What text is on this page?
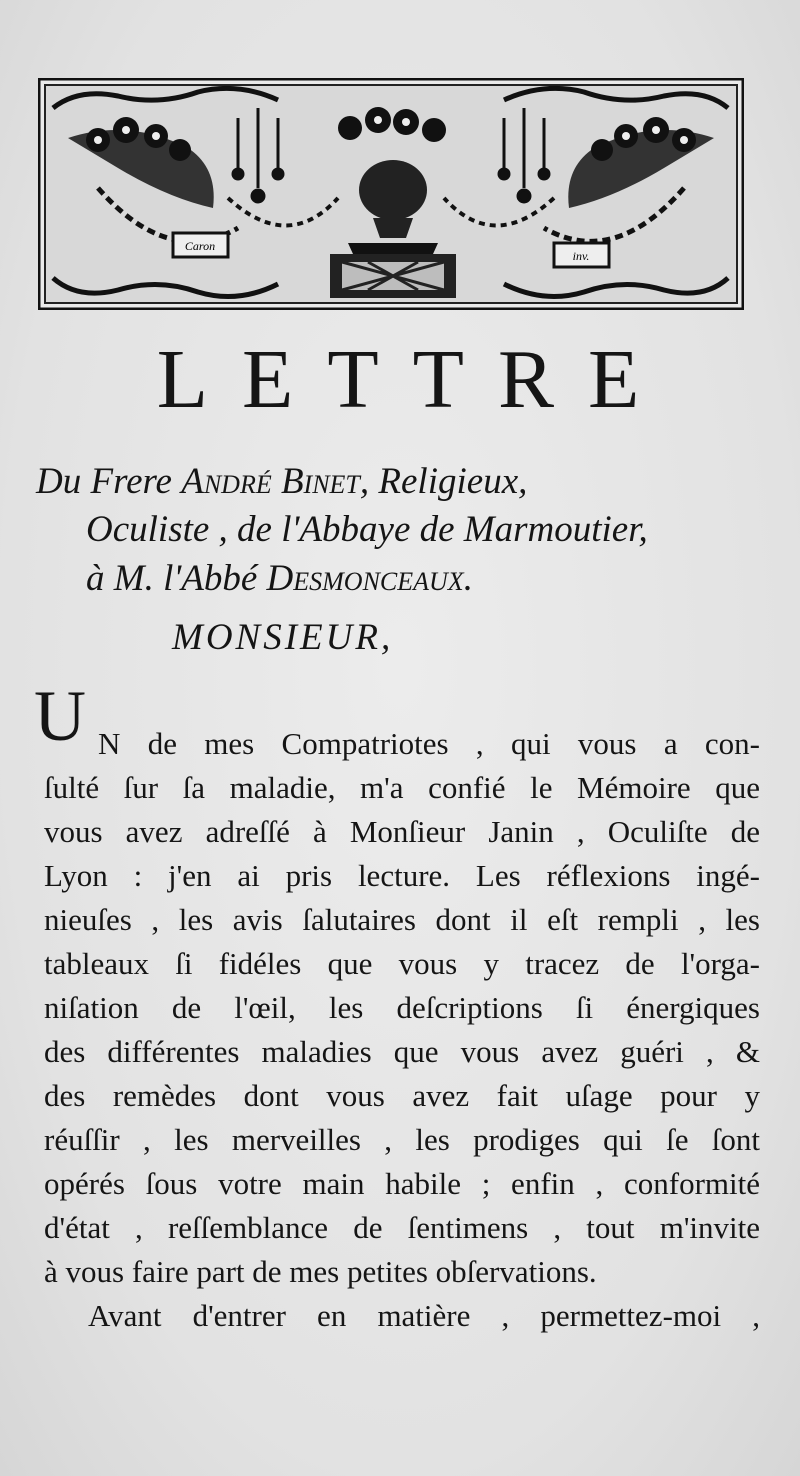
Caron
inv.
LETTRE
Du Frere André Binet, Religieux,
Oculiste , de l'Abbaye de Marmoutier,
à M. l'Abbé Desmonceaux.
MONSIEUR,
U N de mes Compatriotes , qui vous a con-
ſulté ſur ſa maladie, m'a confié le Mémoire que
vous avez adreſſé à Monſieur Janin , Oculiſte de
Lyon : j'en ai pris lecture. Les réflexions ingé-
nieuſes , les avis ſalutaires dont il eſt rempli , les
tableaux ſi fidéles que vous y tracez de l'orga-
niſation de l'œil, les deſcriptions ſi énergiques
des différentes maladies que vous avez guéri , &
des remèdes dont vous avez fait uſage pour y
réuſſir , les merveilles , les prodiges qui ſe ſont
opérés ſous votre main habile ; enfin , conformité
d'état , reſſemblance de ſentimens , tout m'invite
à vous faire part de mes petites obſervations.
Avant d'entrer en matière , permettez-moi ,
